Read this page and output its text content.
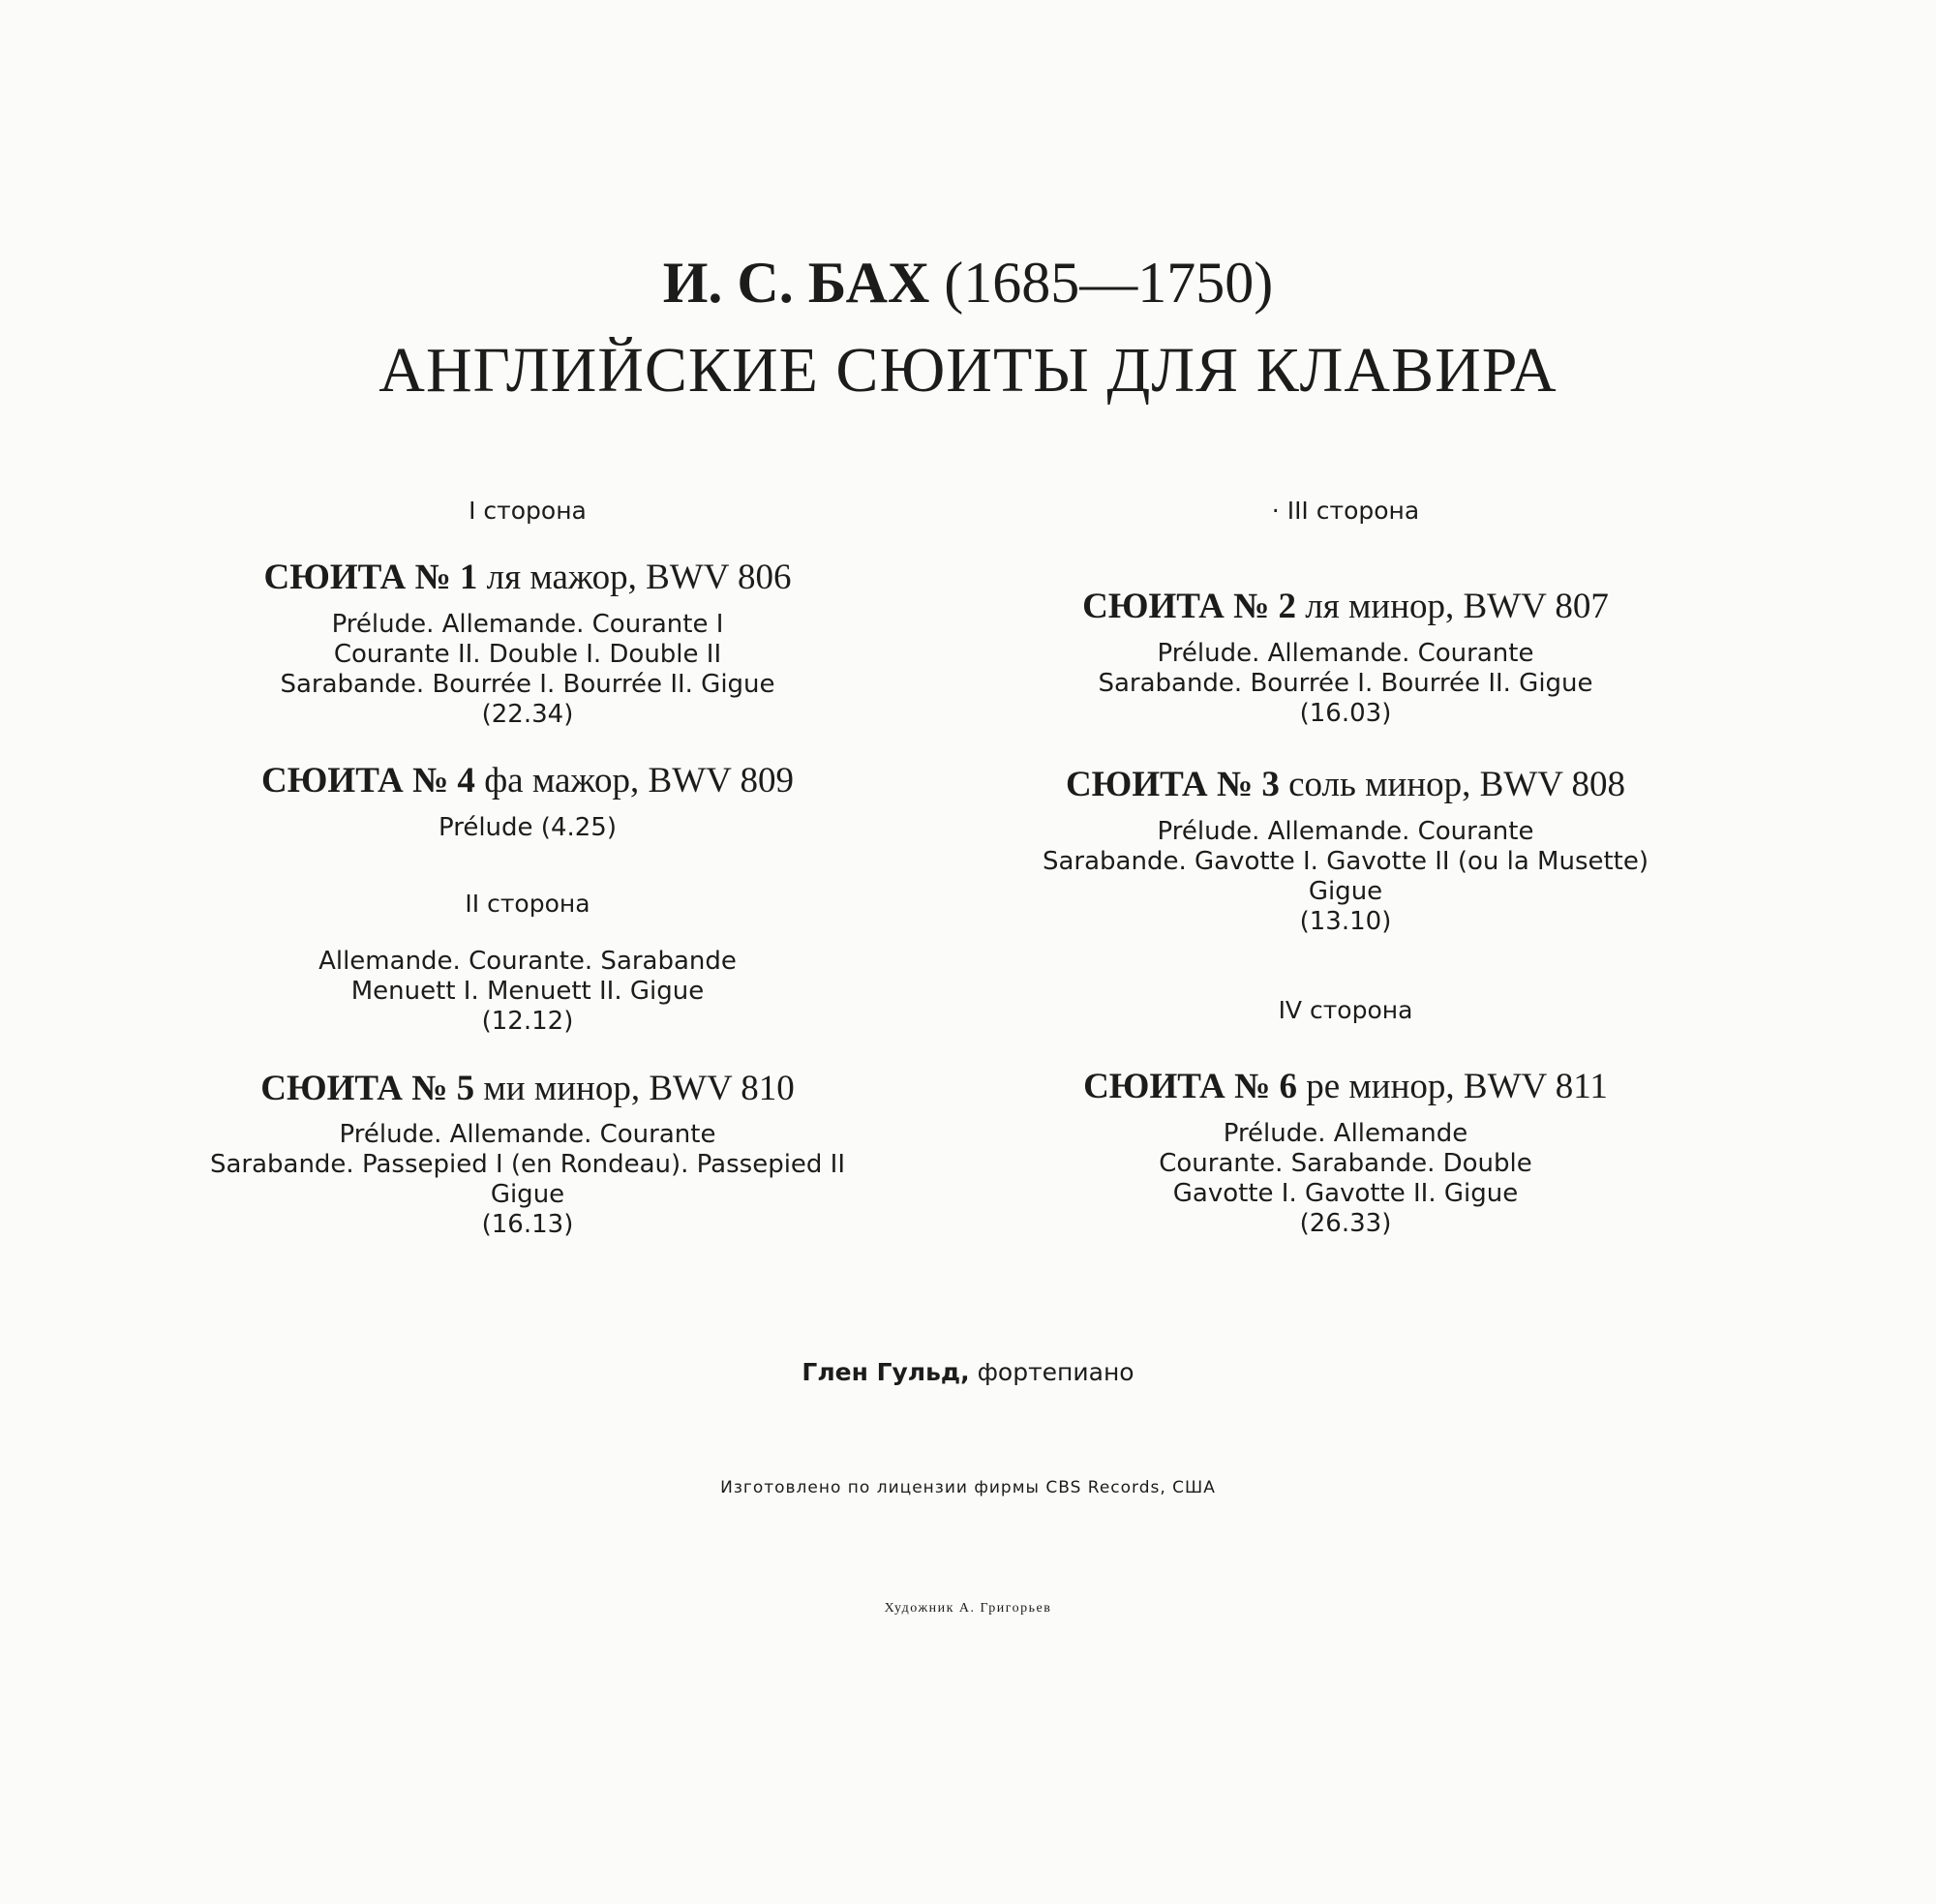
И. С. БАХ (1685—1750)
АНГЛИЙСКИЕ СЮИТЫ ДЛЯ КЛАВИРА
I сторона
СЮИТА № 1 ля мажор, BWV 806
Prélude. Allemande. Courante I
Courante II. Double I. Double II
Sarabande. Bourrée I. Bourrée II. Gigue
(22.34)
СЮИТА № 4 фа мажор, BWV 809
Prélude (4.25)
II сторона
Allemande. Courante. Sarabande
Menuett I. Menuett II. Gigue
(12.12)
СЮИТА № 5 ми минор, BWV 810
Prélude. Allemande. Courante
Sarabande. Passepied I (en Rondeau). Passepied II
Gigue
(16.13)
· III сторона
СЮИТА № 2 ля минор, BWV 807
Prélude. Allemande. Courante
Sarabande. Bourrée I. Bourrée II. Gigue
(16.03)
СЮИТА № 3 соль минор, BWV 808
Prélude. Allemande. Courante
Sarabande. Gavotte I. Gavotte II (ou la Musette)
Gigue
(13.10)
IV сторона
СЮИТА № 6 ре минор, BWV 811
Prélude. Allemande
Courante. Sarabande. Double
Gavotte I. Gavotte II. Gigue
(26.33)
Глен Гульд, фортепиано
Изготовлено по лицензии фирмы CBS Records, США
Художник А. Григорьев
